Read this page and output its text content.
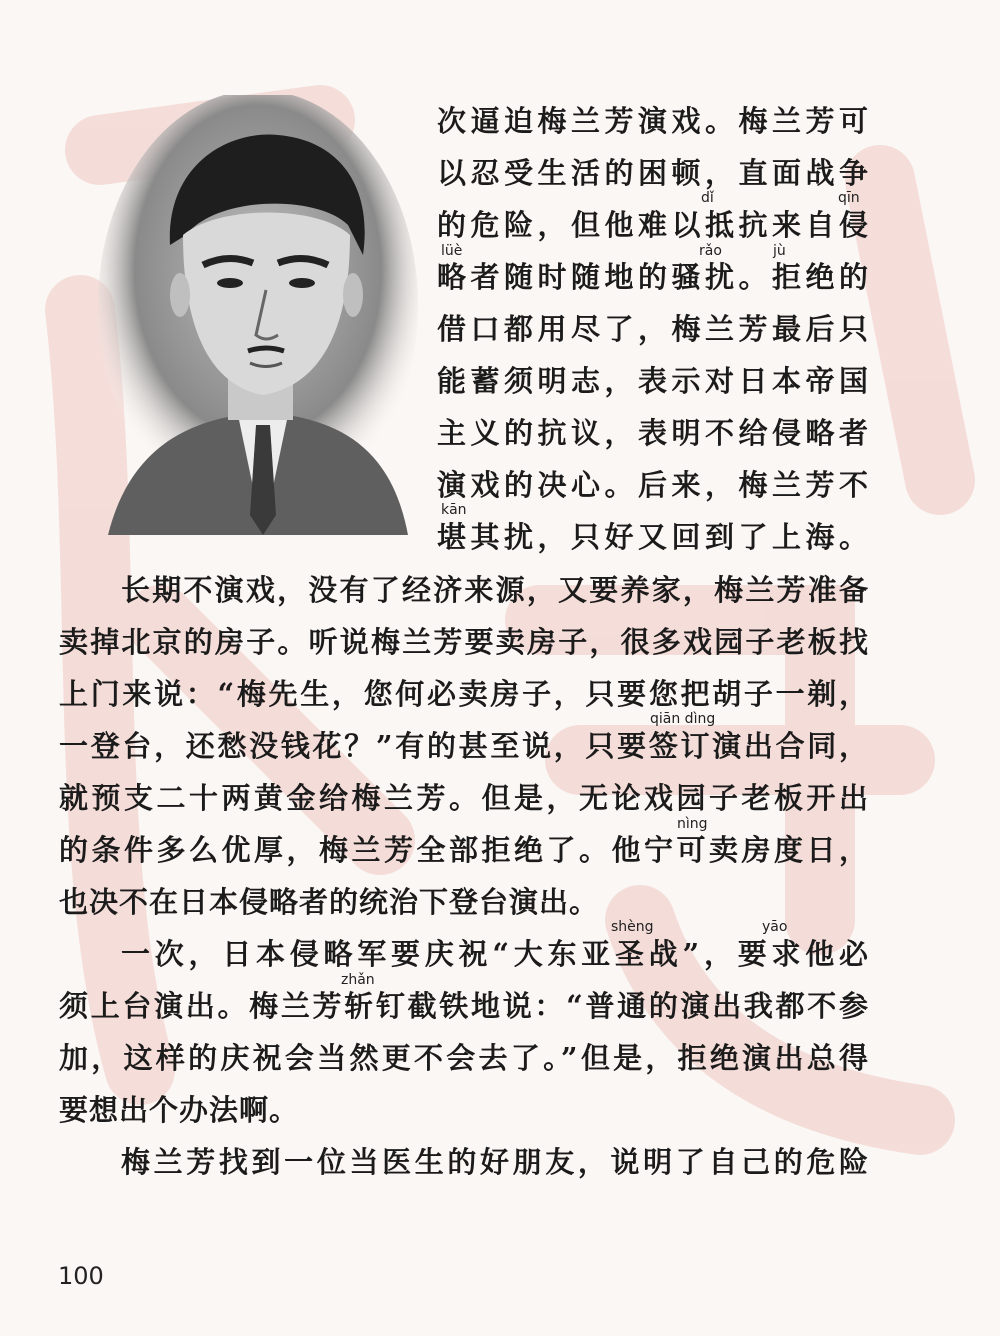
dǐ	qīn
lüè	rǎo	jù
kān
qiān dìng
nìng
shèng	yāo
zhǎn
次逼迫梅兰芳演戏。梅兰芳可
以忍受生活的困顿，直面战争
的危险，但他难以抵抗来自侵
略者随时随地的骚扰。拒绝的
借口都用尽了，梅兰芳最后只
能蓄须明志，表示对日本帝国
主义的抗议，表明不给侵略者
演戏的决心。后来，梅兰芳不
堪其扰，只好又回到了上海。
长期不演戏，没有了经济来源，又要养家，梅兰芳准备
卖掉北京的房子。听说梅兰芳要卖房子，很多戏园子老板找
上门来说：“梅先生，您何必卖房子，只要您把胡子一剃，
一登台，还愁没钱花？”有的甚至说，只要签订演出合同，
就预支二十两黄金给梅兰芳。但是，无论戏园子老板开出
的条件多么优厚，梅兰芳全部拒绝了。他宁可卖房度日，
也决不在日本侵略者的统治下登台演出。
一次，日本侵略军要庆祝“大东亚圣战”，要求他必
须上台演出。梅兰芳斩钉截铁地说：“普通的演出我都不参
加，这样的庆祝会当然更不会去了。”但是，拒绝演出总得
要想出个办法啊。
梅兰芳找到一位当医生的好朋友，说明了自己的危险
100
